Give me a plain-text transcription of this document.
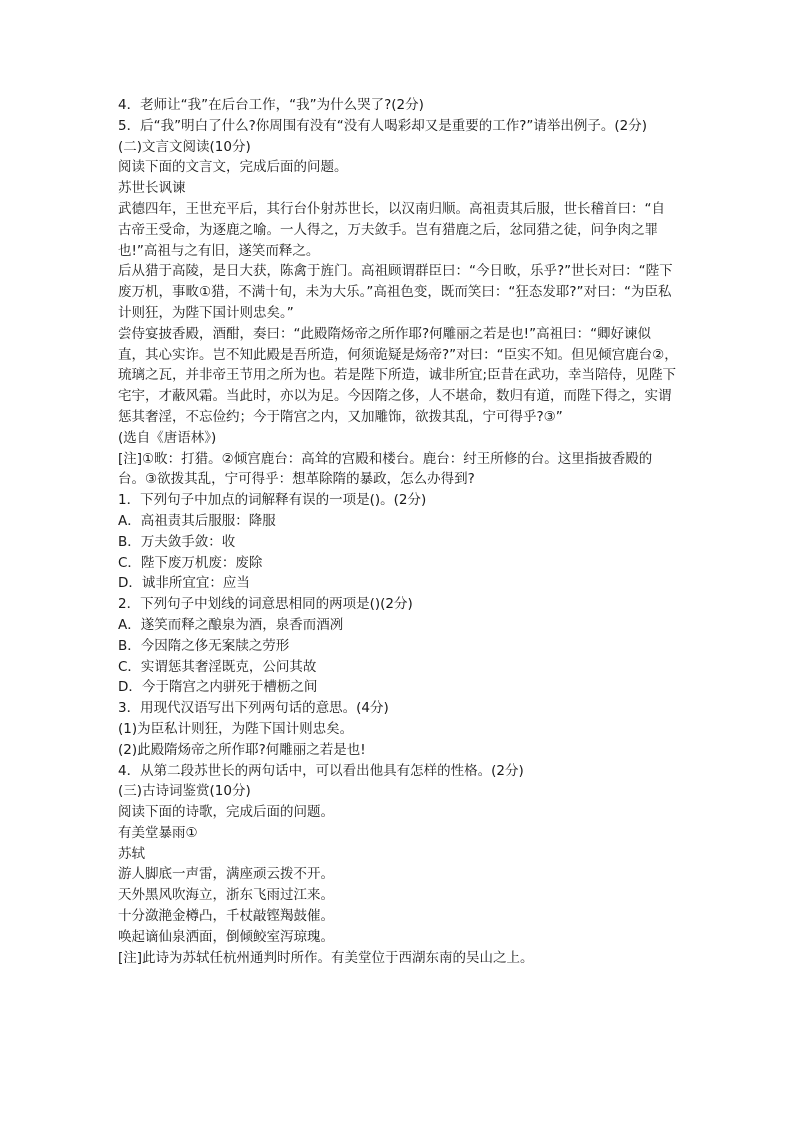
4．老师让“我”在后台工作，“我”为什么哭了?(2分)
5．后“我”明白了什么?你周围有没有“没有人喝彩却又是重要的工作?”请举出例子。(2分)
(二)文言文阅读(10分)
阅读下面的文言文，完成后面的问题。
苏世长讽谏
武德四年，王世充平后，其行台仆射苏世长，以汉南归顺。高祖责其后服，世长稽首曰：“自古帝王受命，为逐鹿之喻。一人得之，万夫敛手。岂有猎鹿之后，忿同猎之徒，问争肉之罪也!”高祖与之有旧，遂笑而释之。
后从猎于高陵，是日大获，陈禽于旌门。高祖顾谓群臣曰：“今日畋，乐乎?”世长对曰：“陛下废万机，事畋①猎，不满十旬，未为大乐。”高祖色变，既而笑曰：“狂态发耶?”对曰：“为臣私计则狂，为陛下国计则忠矣。”
尝侍宴披香殿，酒酣，奏曰：“此殿隋炀帝之所作耶?何雕丽之若是也!”高祖曰：“卿好谏似直，其心实诈。岂不知此殿是吾所造，何须诡疑是炀帝?”对曰：“臣实不知。但见倾宫鹿台②，琉璃之瓦，并非帝王节用之所为也。若是陛下所造，诚非所宜;臣昔在武功，幸当陪侍，见陛下宅宇，才蔽风霜。当此时，亦以为足。今因隋之侈，人不堪命，数归有道，而陛下得之，实谓惩其奢淫，不忘俭约；今于隋宫之内，又加雕饰，欲拨其乱，宁可得乎?③”
(选自《唐语林》)
[注]①畋：打猎。②倾宫鹿台：高耸的宫殿和楼台。鹿台：纣王所修的台。这里指披香殿的台。③欲拨其乱，宁可得乎：想革除隋的暴政，怎么办得到?
1．下列句子中加点的词解释有误的一项是()。(2分)
A．高祖责其后服服：降服
B．万夫敛手敛：收
C．陛下废万机废：废除
D．诚非所宜宜：应当
2．下列句子中划线的词意思相同的两项是()(2分)
A．遂笑而释之酿泉为酒，泉香而酒冽
B．今因隋之侈无案牍之劳形
C．实谓惩其奢淫既克，公问其故
D．今于隋宫之内骈死于槽枥之间
3．用现代汉语写出下列两句话的意思。(4分)
(1)为臣私计则狂，为陛下国计则忠矣。
(2)此殿隋炀帝之所作耶?何雕丽之若是也!
4．从第二段苏世长的两句话中，可以看出他具有怎样的性格。(2分)
(三)古诗词鉴赏(10分)
阅读下面的诗歌，完成后面的问题。
有美堂暴雨①
苏轼
游人脚底一声雷，满座顽云拨不开。
天外黑风吹海立，浙东飞雨过江来。
十分潋滟金樽凸，千杖敲铿羯鼓催。
唤起谪仙泉洒面，倒倾鲛室泻琼瑰。
[注]此诗为苏轼任杭州通判时所作。有美堂位于西湖东南的吴山之上。
